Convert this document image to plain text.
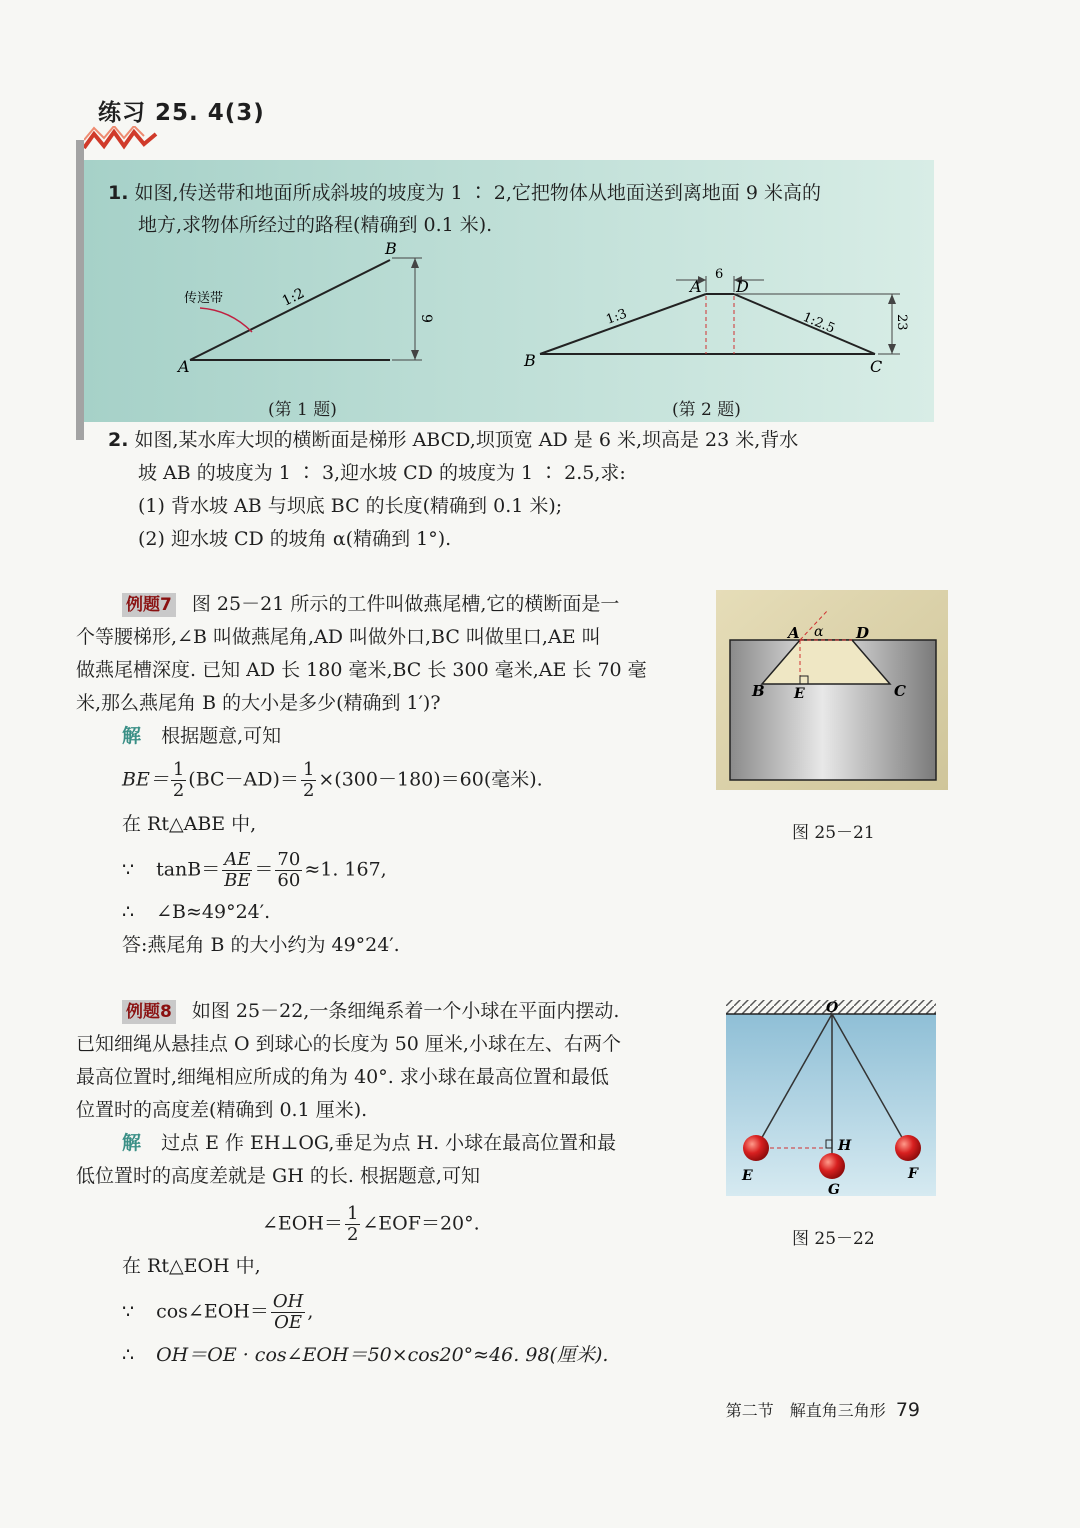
练习 25. 4(3)
1. 如图,传送带和地面所成斜坡的坡度为 1 ∶ 2,它把物体从地面送到离地面 9 米高的
地方,求物体所经过的路程(精确到 0.1 米).
B
A
1:2
9
传送带
(第 1 题)
6
A D
B	C
1:3	1:2.5	23
(第 2 题)
2. 如图,某水库大坝的横断面是梯形 ABCD,坝顶宽 AD 是 6 米,坝高是 23 米,背水
坡 AB 的坡度为 1 ∶ 3,迎水坡 CD 的坡度为 1 ∶ 2.5,求:
(1) 背水坡 AB 与坝底 BC 的长度(精确到 0.1 米);
(2) 迎水坡 CD 的坡角 α(精确到 1°).
例题7 图 25－21 所示的工件叫做燕尾槽,它的横断面是一
个等腰梯形,∠B 叫做燕尾角,AD 叫做外口,BC 叫做里口,AE 叫
做燕尾槽深度. 已知 AD 长 180 毫米,BC 长 300 毫米,AE 长 70 毫
米,那么燕尾角 B 的大小是多少(精确到 1′)?
解 根据题意,可知
$BE= \frac{1}{2} (BC-AD)= \frac{1}{2} \times(300-180)=60$(毫米).
在 Rt△ABE 中,
∵ $\tan B= \frac{AE}{BE} = \frac{70}{60} \approx 1$. 167,
∴ ∠B≈49°24′.
答:燕尾角 B 的大小约为 49°24′.
A α D
B E	C
图 25－21
例题8 如图 25－22,一条细绳系着一个小球在平面内摆动.
已知细绳从悬挂点 O 到球心的长度为 50 厘米,小球在左、右两个
最高位置时,细绳相应所成的角为 40°. 求小球在最高位置和最低
位置时的高度差(精确到 0.1 厘米).
解 过点 E 作 EH⊥OG,垂足为点 H. 小球在最高位置和最
低位置时的高度差就是 GH 的长. 根据题意,可知
∠EOH＝ $\frac{1}{2}$ ∠EOF＝20°.
在 Rt△EOH 中,
∵ cos∠EOH＝ $\frac{OH}{OE}$ ,
∴ OH＝OE · cos∠EOH＝50×cos20°≈46. 98(厘米).
O
H
E
G
F
图 25－22
第二节　解直角三角形 79
